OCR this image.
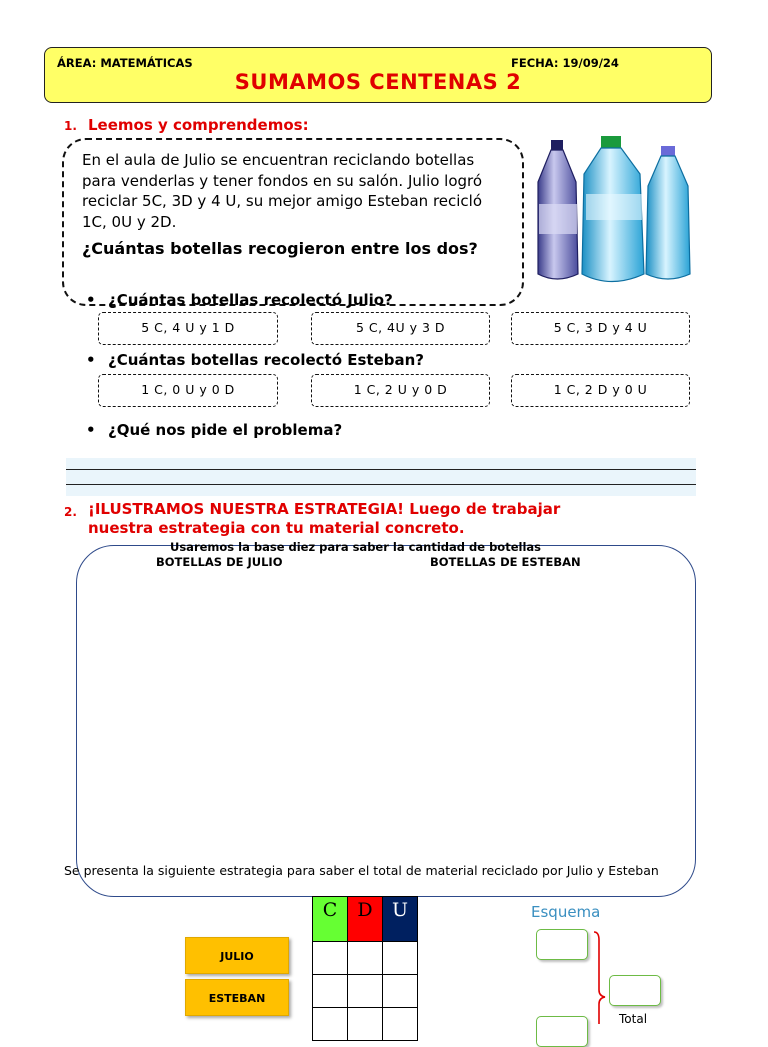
ÁREA: MATEMÁTICAS	FECHA: 19/09/24
SUMAMOS CENTENAS 2
1. Leemos y comprendemos:
En el aula de Julio se encuentran reciclando botellas para venderlas y tener fondos en su salón. Julio logró reciclar 5C, 3D y 4 U, su mejor amigo Esteban recicló 1C, 0U y 2D.
¿Cuántas botellas recogieron entre los dos?
• ¿Cuántas botellas recolectó Julio?
5 C, 4 U y 1 D	5 C, 4U y 3 D	5 C, 3 D y 4 U
• ¿Cuántas botellas recolectó Esteban?
1 C, 0 U y 0 D	1 C, 2 U y 0 D	1 C, 2 D y 0 U
• ¿Qué nos pide el problema?
2. ¡ILUSTRAMOS NUESTRA ESTRATEGIA! Luego de trabajar
nuestra estrategia con tu material concreto.
Usaremos la base diez para saber la cantidad de botellas
BOTELLAS DE JULIO	BOTELLAS DE ESTEBAN
Se presenta la siguiente estrategia para saber el total de material reciclado por Julio y Esteban
JULIO
ESTEBAN
C	D	U	Esquema
Total
